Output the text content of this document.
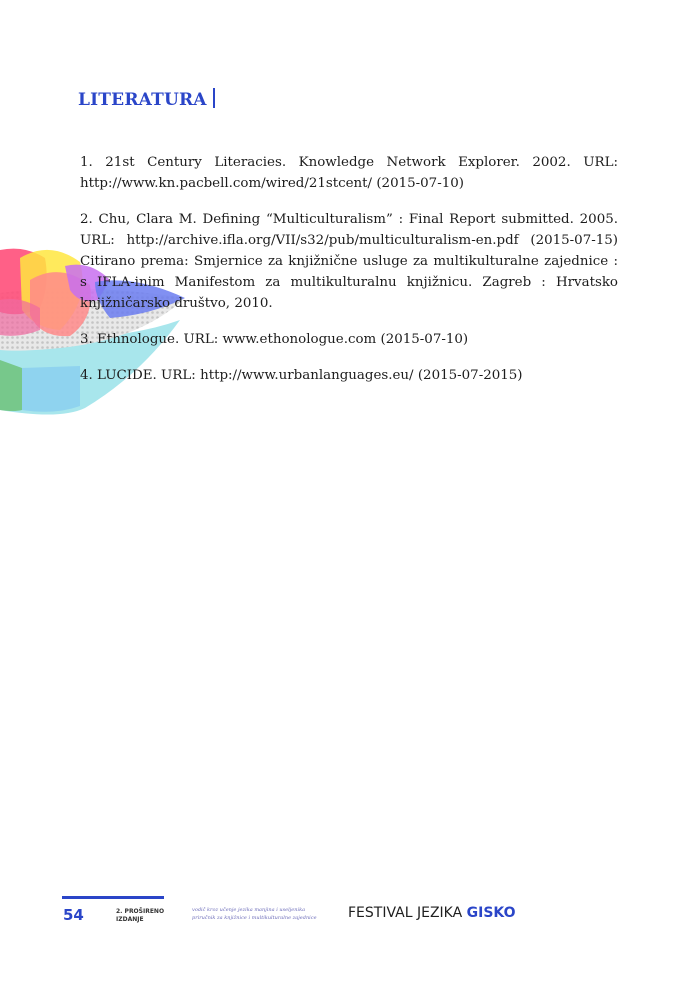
LITERATURA

1. 21st Century Literacies. Knowledge Network Explorer. 2002. URL: http://www.kn.pacbell.com/wired/21stcent/ (2015-07-10)

2. Chu, Clara M. Defining “Multiculturalism” : Final Report submitted. 2005. URL: http://archive.ifla.org/VII/s32/pub/multiculturalism-en.pdf (2015-07-15) Citirano prema: Smjernice za knjižnične usluge za multikulturalne zajednice : s IFLA-inim Manifestom za multikulturalnu knjižnicu. Zagreb : Hrvatsko knjižničarsko društvo, 2010.

3. Ethnologue. URL: www.ethonologue.com (2015-07-10)

4. LUCIDE. URL: http://www.urbanlanguages.eu/ (2015-07-2015)

54	2. PROŠIRENO
IZDANJE
vodič kroz učenje jezika manjina i useljenika
priručnik za knjižnice i multikulturalne zajednice	FESTIVAL JEZIKA GISKO
